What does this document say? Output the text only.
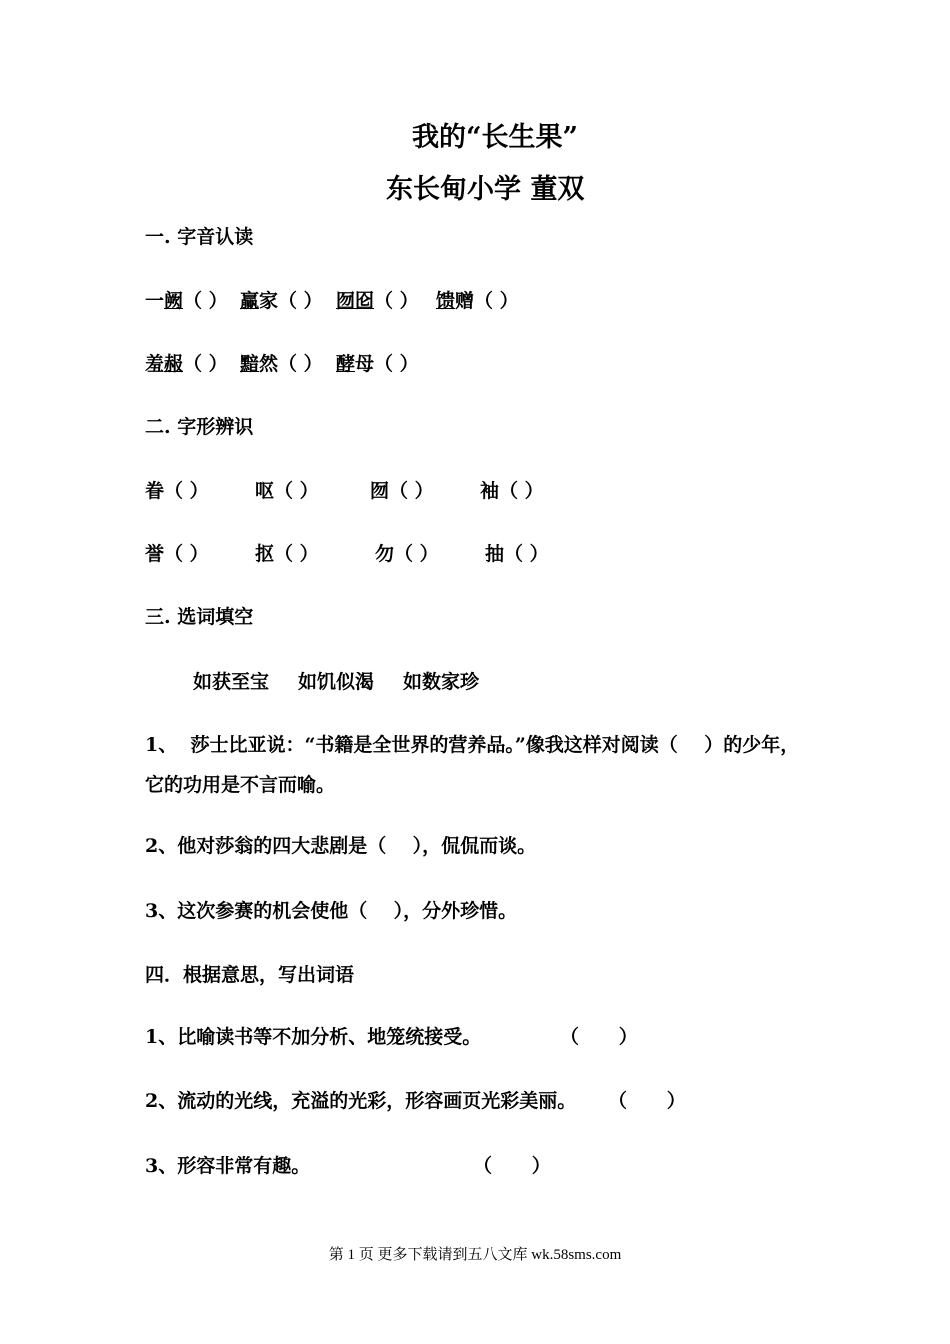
我的“长生果”
东长甸小学 董双
一. 字音认读
一阙（ ） 赢家（ ） 囫囵（ ） 馈赠（ ）
羞赧（ ） 黯然（ ） 酵母（ ）
二. 字形辨识
眷（ ） 呕（ ）	囫（ ） 袖（ ）
誉（ ） 抠（ ）	勿（ ） 抽（ ）
三. 选词填空
如获至宝 如饥似渴 如数家珍
1、  莎士比亚说：“书籍是全世界的营养品。”像我这样对阅读（    ）的少年，
它的功用是不言而喻。
2、他对莎翁的四大悲剧是（    ），侃侃而谈。
3、这次参赛的机会使他（    ），分外珍惜。
四．根据意思，写出词语
1、比喻读书等不加分析、地笼统接受。	（      ）
2、流动的光线，充溢的光彩，形容画页光彩美丽。 （      ）
3、形容非常有趣。	（      ）
第 1 页 更多下载请到五八文库 wk.58sms.com
